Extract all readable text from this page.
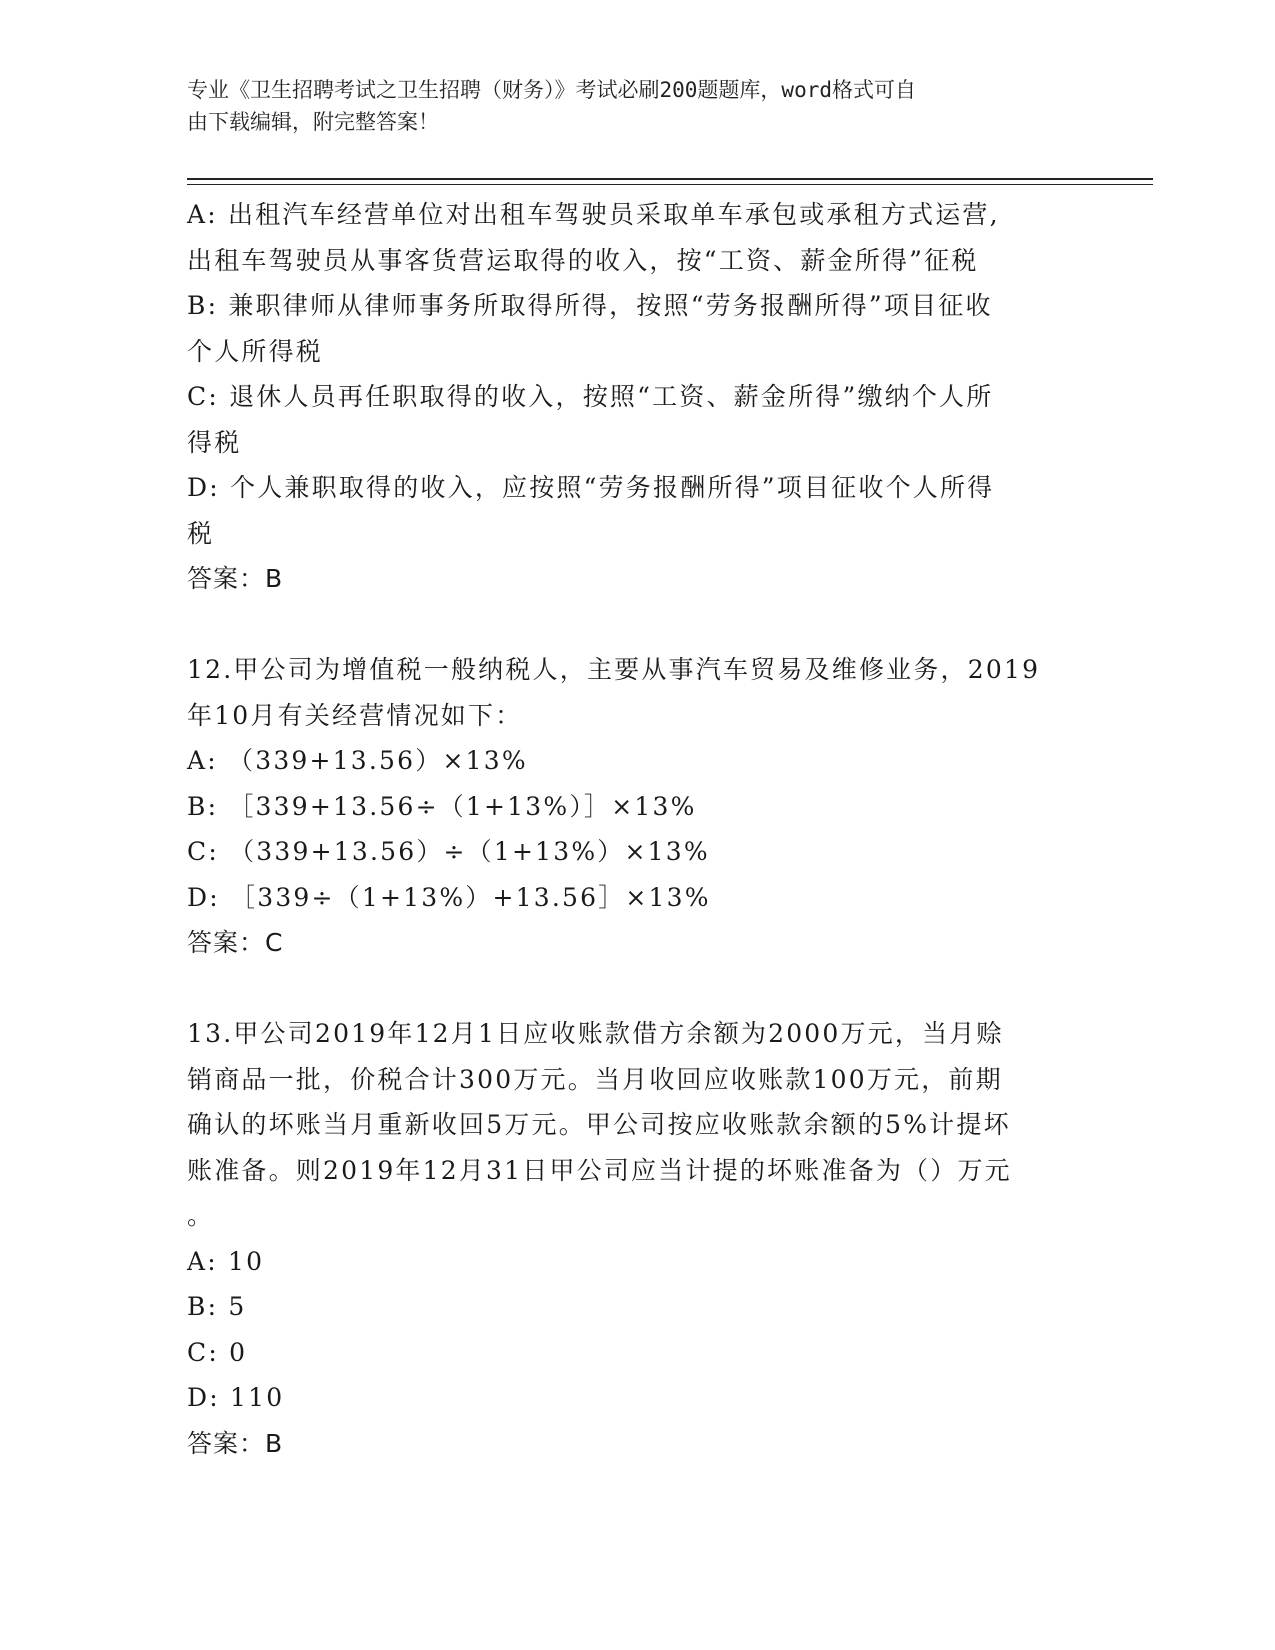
专业《卫生招聘考试之卫生招聘（财务）》考试必刷200题题库，word格式可自
由下载编辑，附完整答案！
A: 出租汽车经营单位对出租车驾驶员采取单车承包或承租方式运营,
出租车驾驶员从事客货营运取得的收入，按“工资、薪金所得”征税
B: 兼职律师从律师事务所取得所得，按照“劳务报酬所得”项目征收
个人所得税
C: 退休人员再任职取得的收入，按照“工资、薪金所得”缴纳个人所
得税
D: 个人兼职取得的收入，应按照“劳务报酬所得”项目征收个人所得
税
答案：B
12.甲公司为增值税一般纳税人，主要从事汽车贸易及维修业务，2019
年10月有关经营情况如下：
A: （339+13.56）×13%
B: ［339+13.56÷（1+13%）］×13%
C: （339+13.56）÷（1+13%）×13%
D: ［339÷（1+13%）+13.56］×13%
答案：C
13.甲公司2019年12月1日应收账款借方余额为2000万元，当月赊
销商品一批，价税合计300万元。当月收回应收账款100万元，前期
确认的坏账当月重新收回5万元。甲公司按应收账款余额的5%计提坏
账准备。则2019年12月31日甲公司应当计提的坏账准备为（）万元
。
A: 10
B: 5
C: 0
D: 110
答案：B
